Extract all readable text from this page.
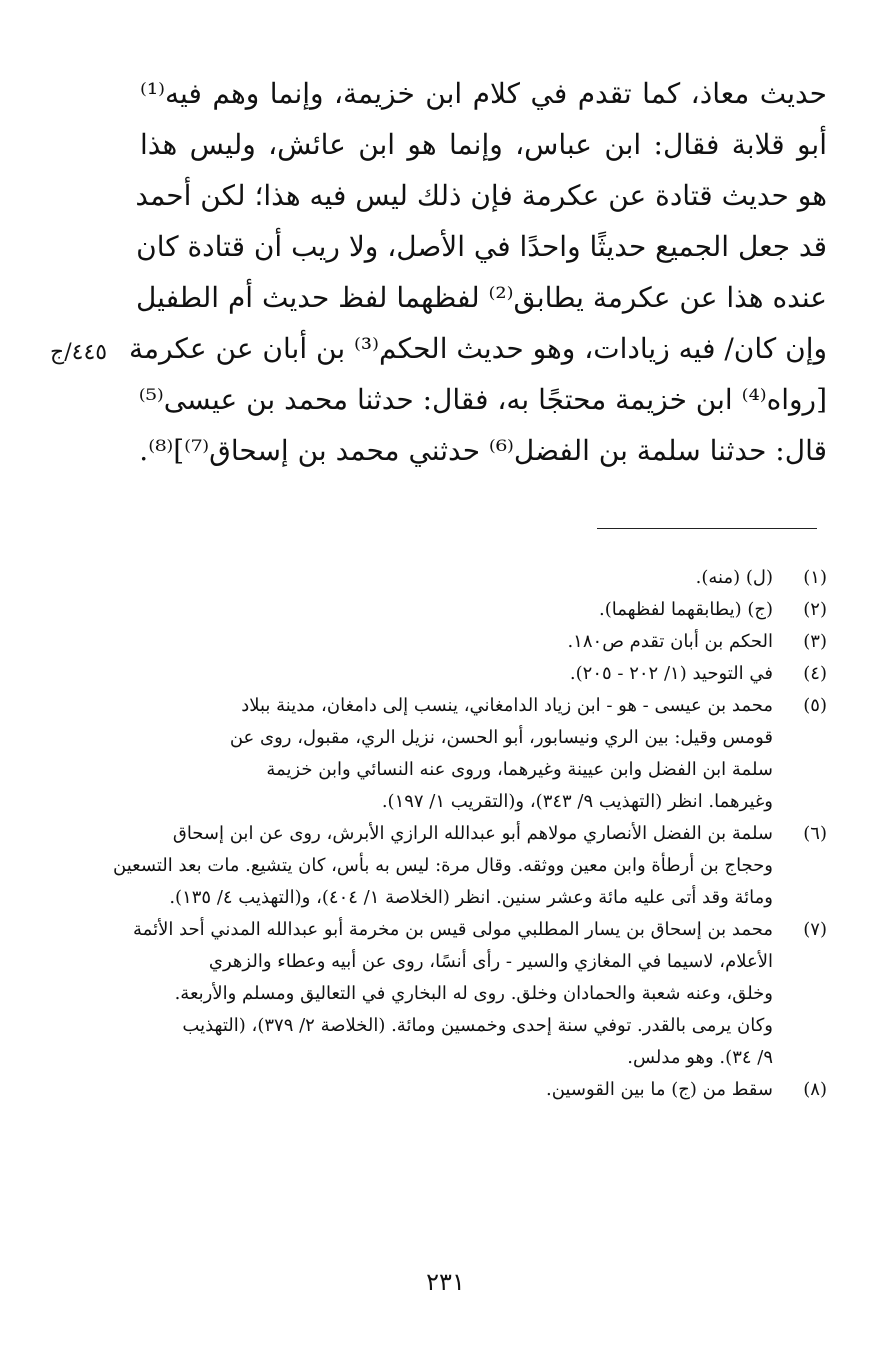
حديث معاذ، كما تقدم في كلام ابن خزيمة، وإنما وهم فيه⁽¹⁾
أبو قلابة فقال: ابن عباس، وإنما هو ابن عائش، وليس هذا
هو حديث قتادة عن عكرمة فإن ذلك ليس فيه هذا؛ لكن أحمد
قد جعل الجميع حديثًا واحدًا في الأصل، ولا ريب أن قتادة كان
عنده هذا عن عكرمة يطابق⁽²⁾ لفظهما لفظ حديث أم الطفيل
وإن كان/ فيه زيادات، وهو حديث الحكم⁽³⁾ بن أبان عن عكرمة
[رواه⁽⁴⁾ ابن خزيمة محتجًا به، فقال: حدثنا محمد بن عيسى⁽⁵⁾
قال: حدثنا سلمة بن الفضل⁽⁶⁾ حدثني محمد بن إسحاق⁽⁷⁾]⁽⁸⁾.
٤٤٥/ج
(١)
(ل) (منه).
(٢)
(ج) (يطابقهما لفظهما).
(٣)
الحكم بن أبان تقدم ص١٨٠.
(٤)
في التوحيد (١/ ٢٠٢ - ٢٠٥).
(٥)
محمد بن عيسى - هو - ابن زياد الدامغاني، ينسب إلى دامغان، مدينة ببلاد
قومس وقيل: بين الري ونيسابور، أبو الحسن، نزيل الري، مقبول، روى عن
سلمة ابن الفضل وابن عيينة وغيرهما، وروى عنه النسائي وابن خزيمة
وغيرهما. انظر (التهذيب ٩/ ٣٤٣)، و(التقريب ١/ ١٩٧).
(٦)
سلمة بن الفضل الأنصاري مولاهم أبو عبدالله الرازي الأبرش، روى عن ابن إسحاق
وحجاج بن أرطأة وابن معين ووثقه. وقال مرة: ليس به بأس، كان يتشيع. مات بعد التسعين
ومائة وقد أتى عليه مائة وعشر سنين. انظر (الخلاصة ١/ ٤٠٤)، و(التهذيب ٤/ ١٣٥).
(٧)
محمد بن إسحاق بن يسار المطلبي مولى قيس بن مخرمة أبو عبدالله المدني أحد الأئمة
الأعلام، لاسيما في المغازي والسير - رأى أنسًا، روى عن أبيه وعطاء والزهري
وخلق، وعنه شعبة والحمادان وخلق. روى له البخاري في التعاليق ومسلم والأربعة.
وكان يرمى بالقدر. توفي سنة إحدى وخمسين ومائة. (الخلاصة ٢/ ٣٧٩)، (التهذيب
٩/ ٣٤). وهو مدلس.
(٨)
سقط من (ج) ما بين القوسين.
٢٣١
